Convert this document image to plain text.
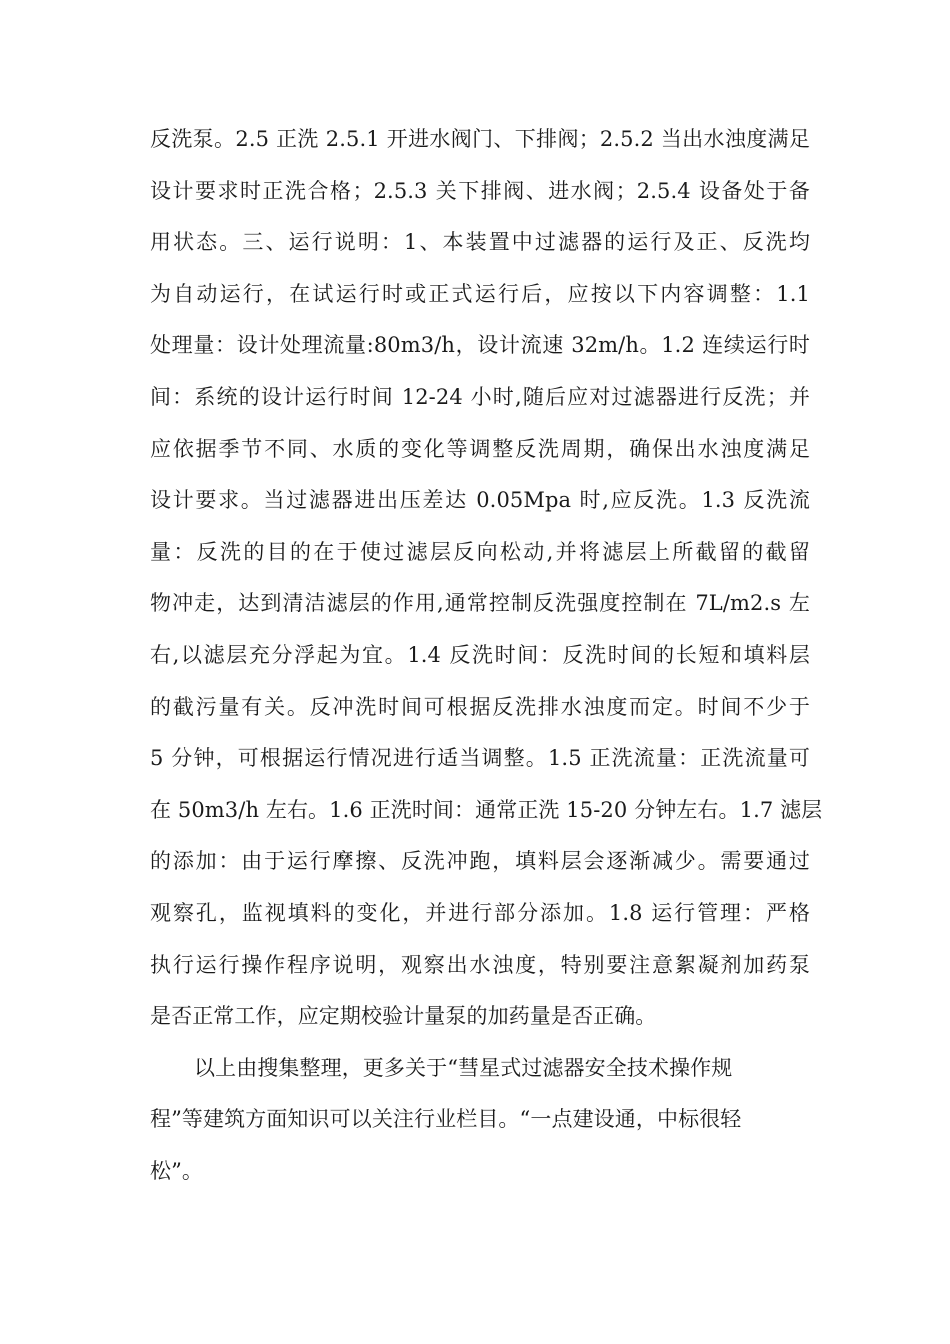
反洗泵。2.5 正洗 2.5.1 开进水阀门、下排阀；2.5.2 当出水浊度满足
设计要求时正洗合格；2.5.3 关下排阀、进水阀；2.5.4 设备处于备
用状态。三、运行说明：1、本装置中过滤器的运行及正、反洗均
为自动运行，在试运行时或正式运行后，应按以下内容调整：1.1
处理量：设计处理流量:80m3/h，设计流速 32m/h。1.2 连续运行时
间：系统的设计运行时间 12-24 小时,随后应对过滤器进行反洗；并
应依据季节不同、水质的变化等调整反洗周期，确保出水浊度满足
设计要求。当过滤器进出压差达 0.05Mpa 时,应反洗。1.3 反洗流
量：反洗的目的在于使过滤层反向松动,并将滤层上所截留的截留
物冲走，达到清洁滤层的作用,通常控制反洗强度控制在 7L/m2.s 左
右,以滤层充分浮起为宜。1.4 反洗时间：反洗时间的长短和填料层
的截污量有关。反冲洗时间可根据反洗排水浊度而定。时间不少于
5 分钟，可根据运行情况进行适当调整。1.5 正洗流量：正洗流量可
在 50m3/h 左右。1.6 正洗时间：通常正洗 15-20 分钟左右。1.7 滤层
的添加：由于运行摩擦、反洗冲跑，填料层会逐渐减少。需要通过
观察孔，监视填料的变化，并进行部分添加。1.8 运行管理：严格
执行运行操作程序说明，观察出水浊度，特别要注意絮凝剂加药泵
是否正常工作，应定期校验计量泵的加药量是否正确。
以上由搜集整理，更多关于“彗星式过滤器安全技术操作规
程”等建筑方面知识可以关注行业栏目。“一点建设通，中标很轻
松”。
